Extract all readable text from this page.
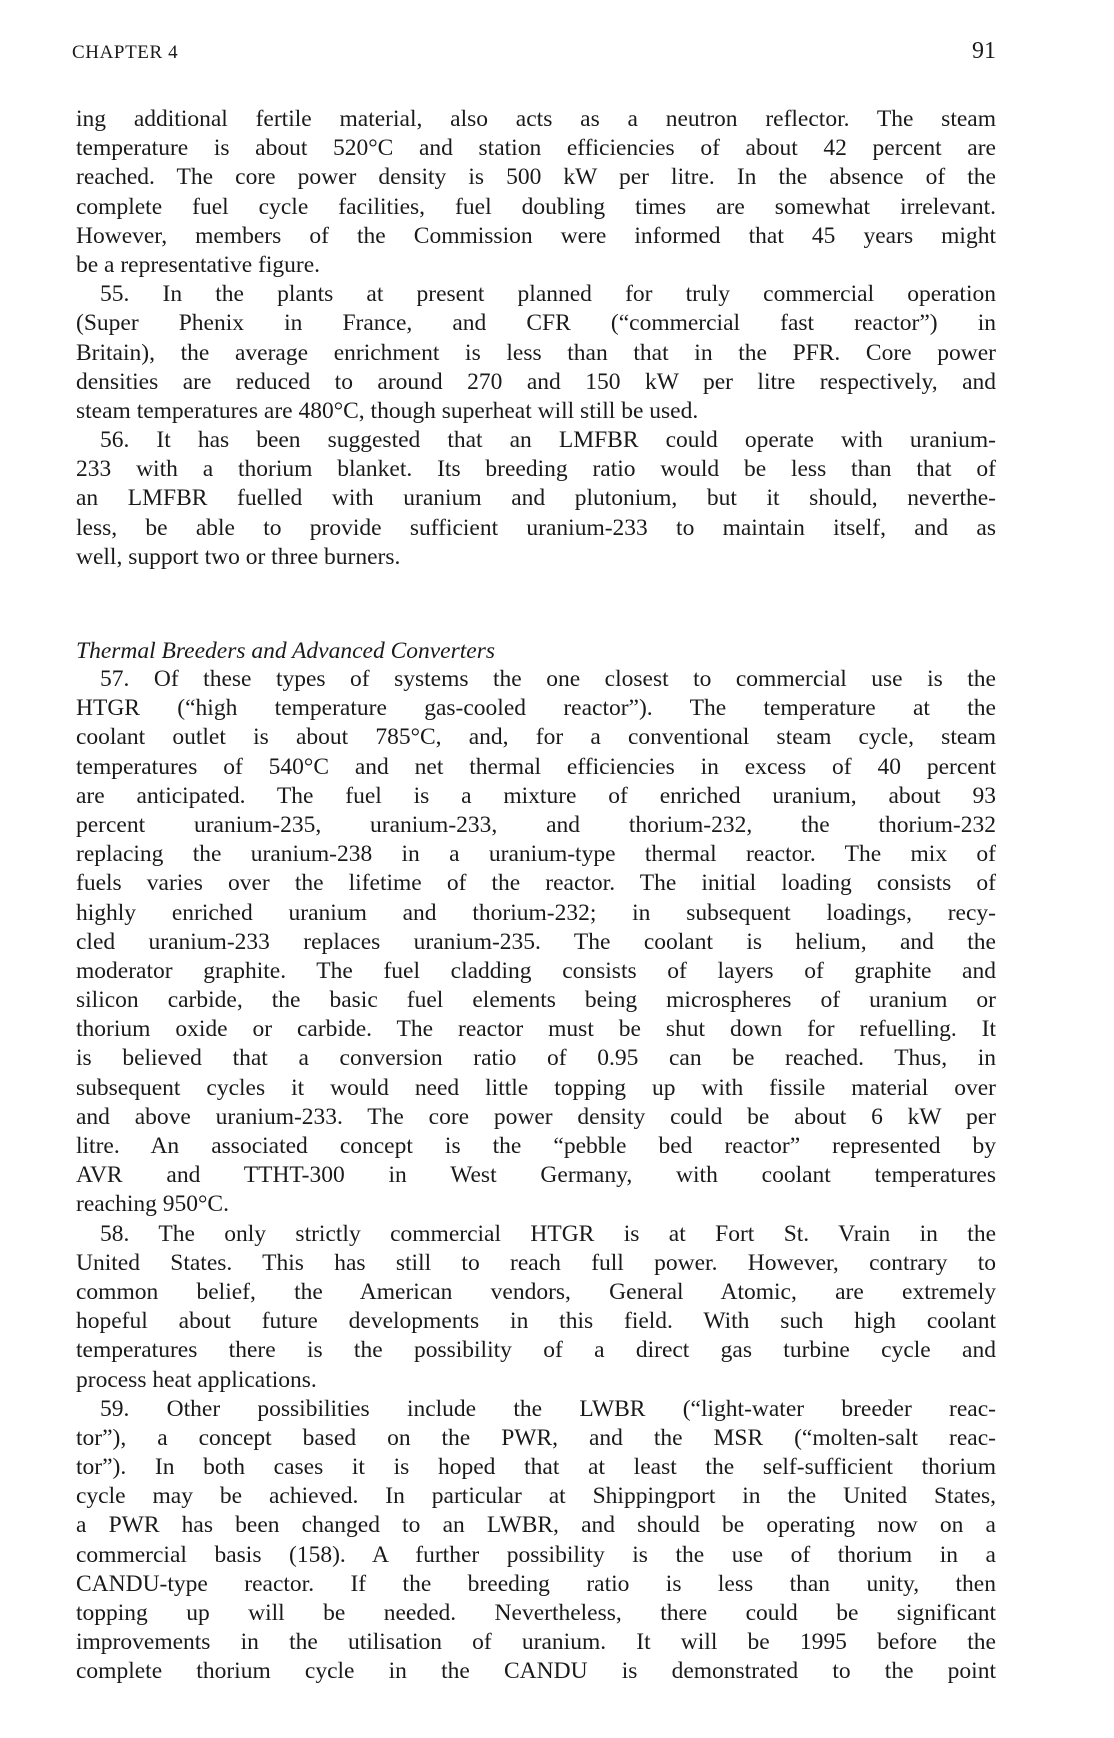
CHAPTER 4	91
ing additional fertile material, also acts as a neutron reflector. The steam
temperature is about 520°C and station efficiencies of about 42 percent are
reached. The core power density is 500 kW per litre. In the absence of the
complete fuel cycle facilities, fuel doubling times are somewhat irrelevant.
However, members of the Commission were informed that 45 years might
be a representative figure.
55. In the plants at present planned for truly commercial operation
(Super Phenix in France, and CFR (“commercial fast reactor”) in
Britain), the average enrichment is less than that in the PFR. Core power
densities are reduced to around 270 and 150 kW per litre respectively, and
steam temperatures are 480°C, though superheat will still be used.
56. It has been suggested that an LMFBR could operate with uranium-
233 with a thorium blanket. Its breeding ratio would be less than that of
an LMFBR fuelled with uranium and plutonium, but it should, neverthe-
less, be able to provide sufficient uranium-233 to maintain itself, and as
well, support two or three burners.
Thermal Breeders and Advanced Converters
57. Of these types of systems the one closest to commercial use is the
HTGR (“high temperature gas-cooled reactor”). The temperature at the
coolant outlet is about 785°C, and, for a conventional steam cycle, steam
temperatures of 540°C and net thermal efficiencies in excess of 40 percent
are anticipated. The fuel is a mixture of enriched uranium, about 93
percent uranium-235, uranium-233, and thorium-232, the thorium-232
replacing the uranium-238 in a uranium-type thermal reactor. The mix of
fuels varies over the lifetime of the reactor. The initial loading consists of
highly enriched uranium and thorium-232; in subsequent loadings, recy-
cled uranium-233 replaces uranium-235. The coolant is helium, and the
moderator graphite. The fuel cladding consists of layers of graphite and
silicon carbide, the basic fuel elements being microspheres of uranium or
thorium oxide or carbide. The reactor must be shut down for refuelling. It
is believed that a conversion ratio of 0.95 can be reached. Thus, in
subsequent cycles it would need little topping up with fissile material over
and above uranium-233. The core power density could be about 6 kW per
litre. An associated concept is the “pebble bed reactor” represented by
AVR and TTHT-300 in West Germany, with coolant temperatures
reaching 950°C.
58. The only strictly commercial HTGR is at Fort St. Vrain in the
United States. This has still to reach full power. However, contrary to
common belief, the American vendors, General Atomic, are extremely
hopeful about future developments in this field. With such high coolant
temperatures there is the possibility of a direct gas turbine cycle and
process heat applications.
59. Other possibilities include the LWBR (“light-water breeder reac-
tor”), a concept based on the PWR, and the MSR (“molten-salt reac-
tor”). In both cases it is hoped that at least the self-sufficient thorium
cycle may be achieved. In particular at Shippingport in the United States,
a PWR has been changed to an LWBR, and should be operating now on a
commercial basis (158). A further possibility is the use of thorium in a
CANDU-type reactor. If the breeding ratio is less than unity, then
topping up will be needed. Nevertheless, there could be significant
improvements in the utilisation of uranium. It will be 1995 before the
complete thorium cycle in the CANDU is demonstrated to the point
